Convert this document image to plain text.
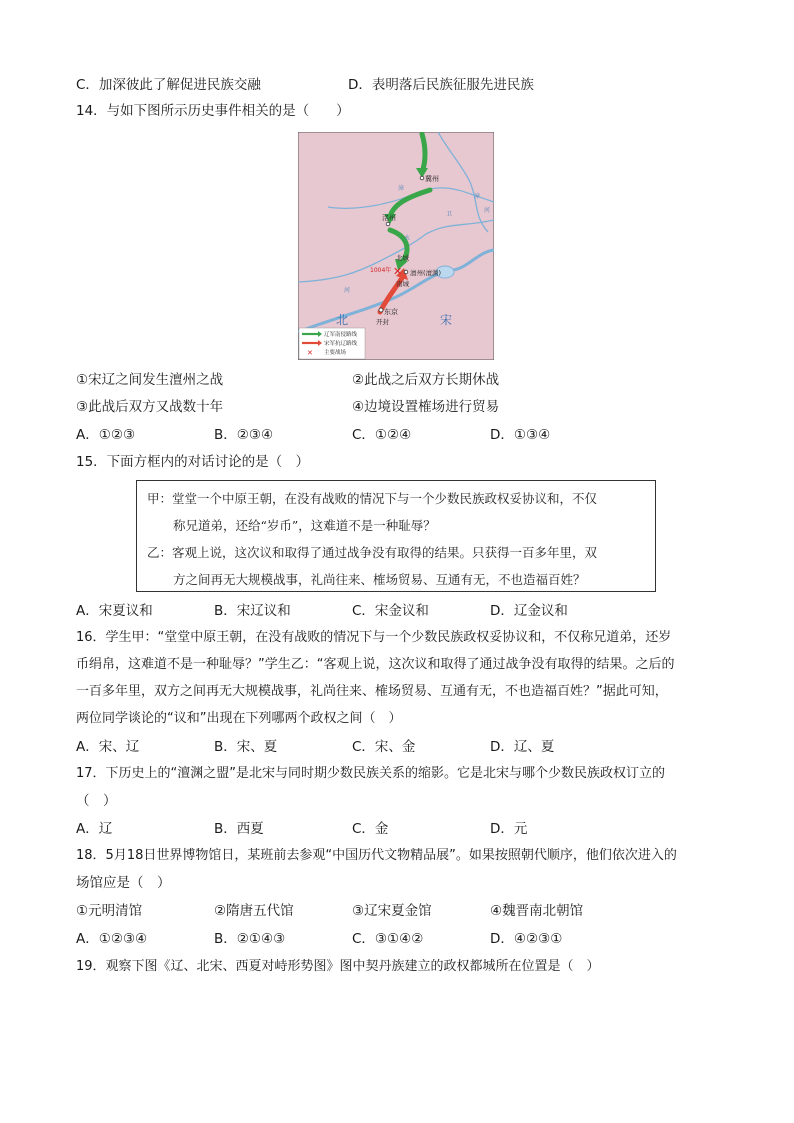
C．加深彼此了解促进民族交融	D．表明落后民族征服先进民族
14．与如下图所示历史事件相关的是（　　）
✕
冀州
洺州
北城
南城
1004年	澶州(澶渊)
东京
开封
北	宋
漳
卫
水
漳
河
河
辽军南侵路线
宋军抗辽路线
✕ 主要战场
①宋辽之间发生澶州之战	②此战之后双方长期休战
③此战后双方又战数十年	④边境设置榷场进行贸易
A．①②③	B．②③④	C．①②④	D．①③④
15．下面方框内的对话讨论的是（　）
甲：堂堂一个中原王朝，在没有战败的情况下与一个少数民族政权妥协议和，不仅
称兄道弟，还给“岁币”，这难道不是一种耻辱？
乙：客观上说，这次议和取得了通过战争没有取得的结果。只获得一百多年里，双
方之间再无大规模战事，礼尚往来、榷场贸易、互通有无，不也造福百姓？
A．宋夏议和	B．宋辽议和	C．宋金议和	D．辽金议和
16．学生甲：“堂堂中原王朝，在没有战败的情况下与一个少数民族政权妥协议和，不仅称兄道弟，还岁
币绢帛，这难道不是一种耻辱？”学生乙：“客观上说，这次议和取得了通过战争没有取得的结果。之后的
一百多年里，双方之间再无大规模战事，礼尚往来、榷场贸易、互通有无，不也造福百姓？”据此可知，
两位同学谈论的“议和”出现在下列哪两个政权之间（　）
A．宋、辽	B．宋、夏	C．宋、金	D．辽、夏
17．下历史上的“澶渊之盟”是北宋与同时期少数民族关系的缩影。它是北宋与哪个少数民族政权订立的
（　）
A．辽	B．西夏	C．金	D．元
18．5月18日世界博物馆日，某班前去参观“中国历代文物精品展”。如果按照朝代顺序，他们依次进入的
场馆应是（　）
①元明清馆	②隋唐五代馆	③辽宋夏金馆	④魏晋南北朝馆
A．①②③④	B．②①④③	C．③①④②	D．④②③①
19．观察下图《辽、北宋、西夏对峙形势图》图中契丹族建立的政权都城所在位置是（　）
